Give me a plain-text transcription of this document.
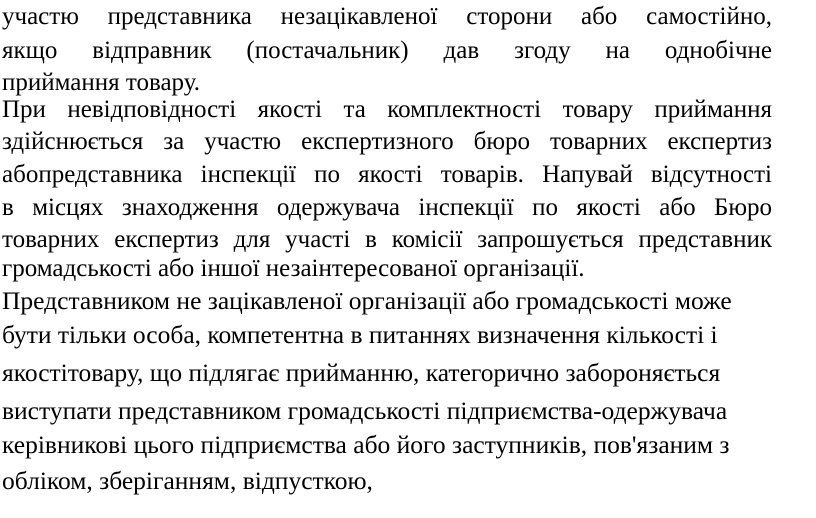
участю представника незацікавленої сторони або самостійно,
якщо відправник (постачальник) дав згоду на однобічне
приймання товару.
При невідповідності якості та комплектності товару приймання
здійснюється за участю експертизного бюро товарних експертиз
абопредставника інспекції по якості товарів. Напувай відсутності
в місцях знаходження одержувача інспекції по якості або Бюро
товарних експертиз для участі в комісії запрошується представник
громадськості або іншої незаінтересованої організації.
Представником не зацікавленої організації або громадськості може
бути тільки особа, компетентна в питаннях визначення кількості і
якостітовару, що підлягає прийманню, категорично забороняється
виступати представником громадськості підприємства-одержувача
керівникові цього підприємства або його заступників, пов'язаним з
обліком, зберіганням, відпусткою,
